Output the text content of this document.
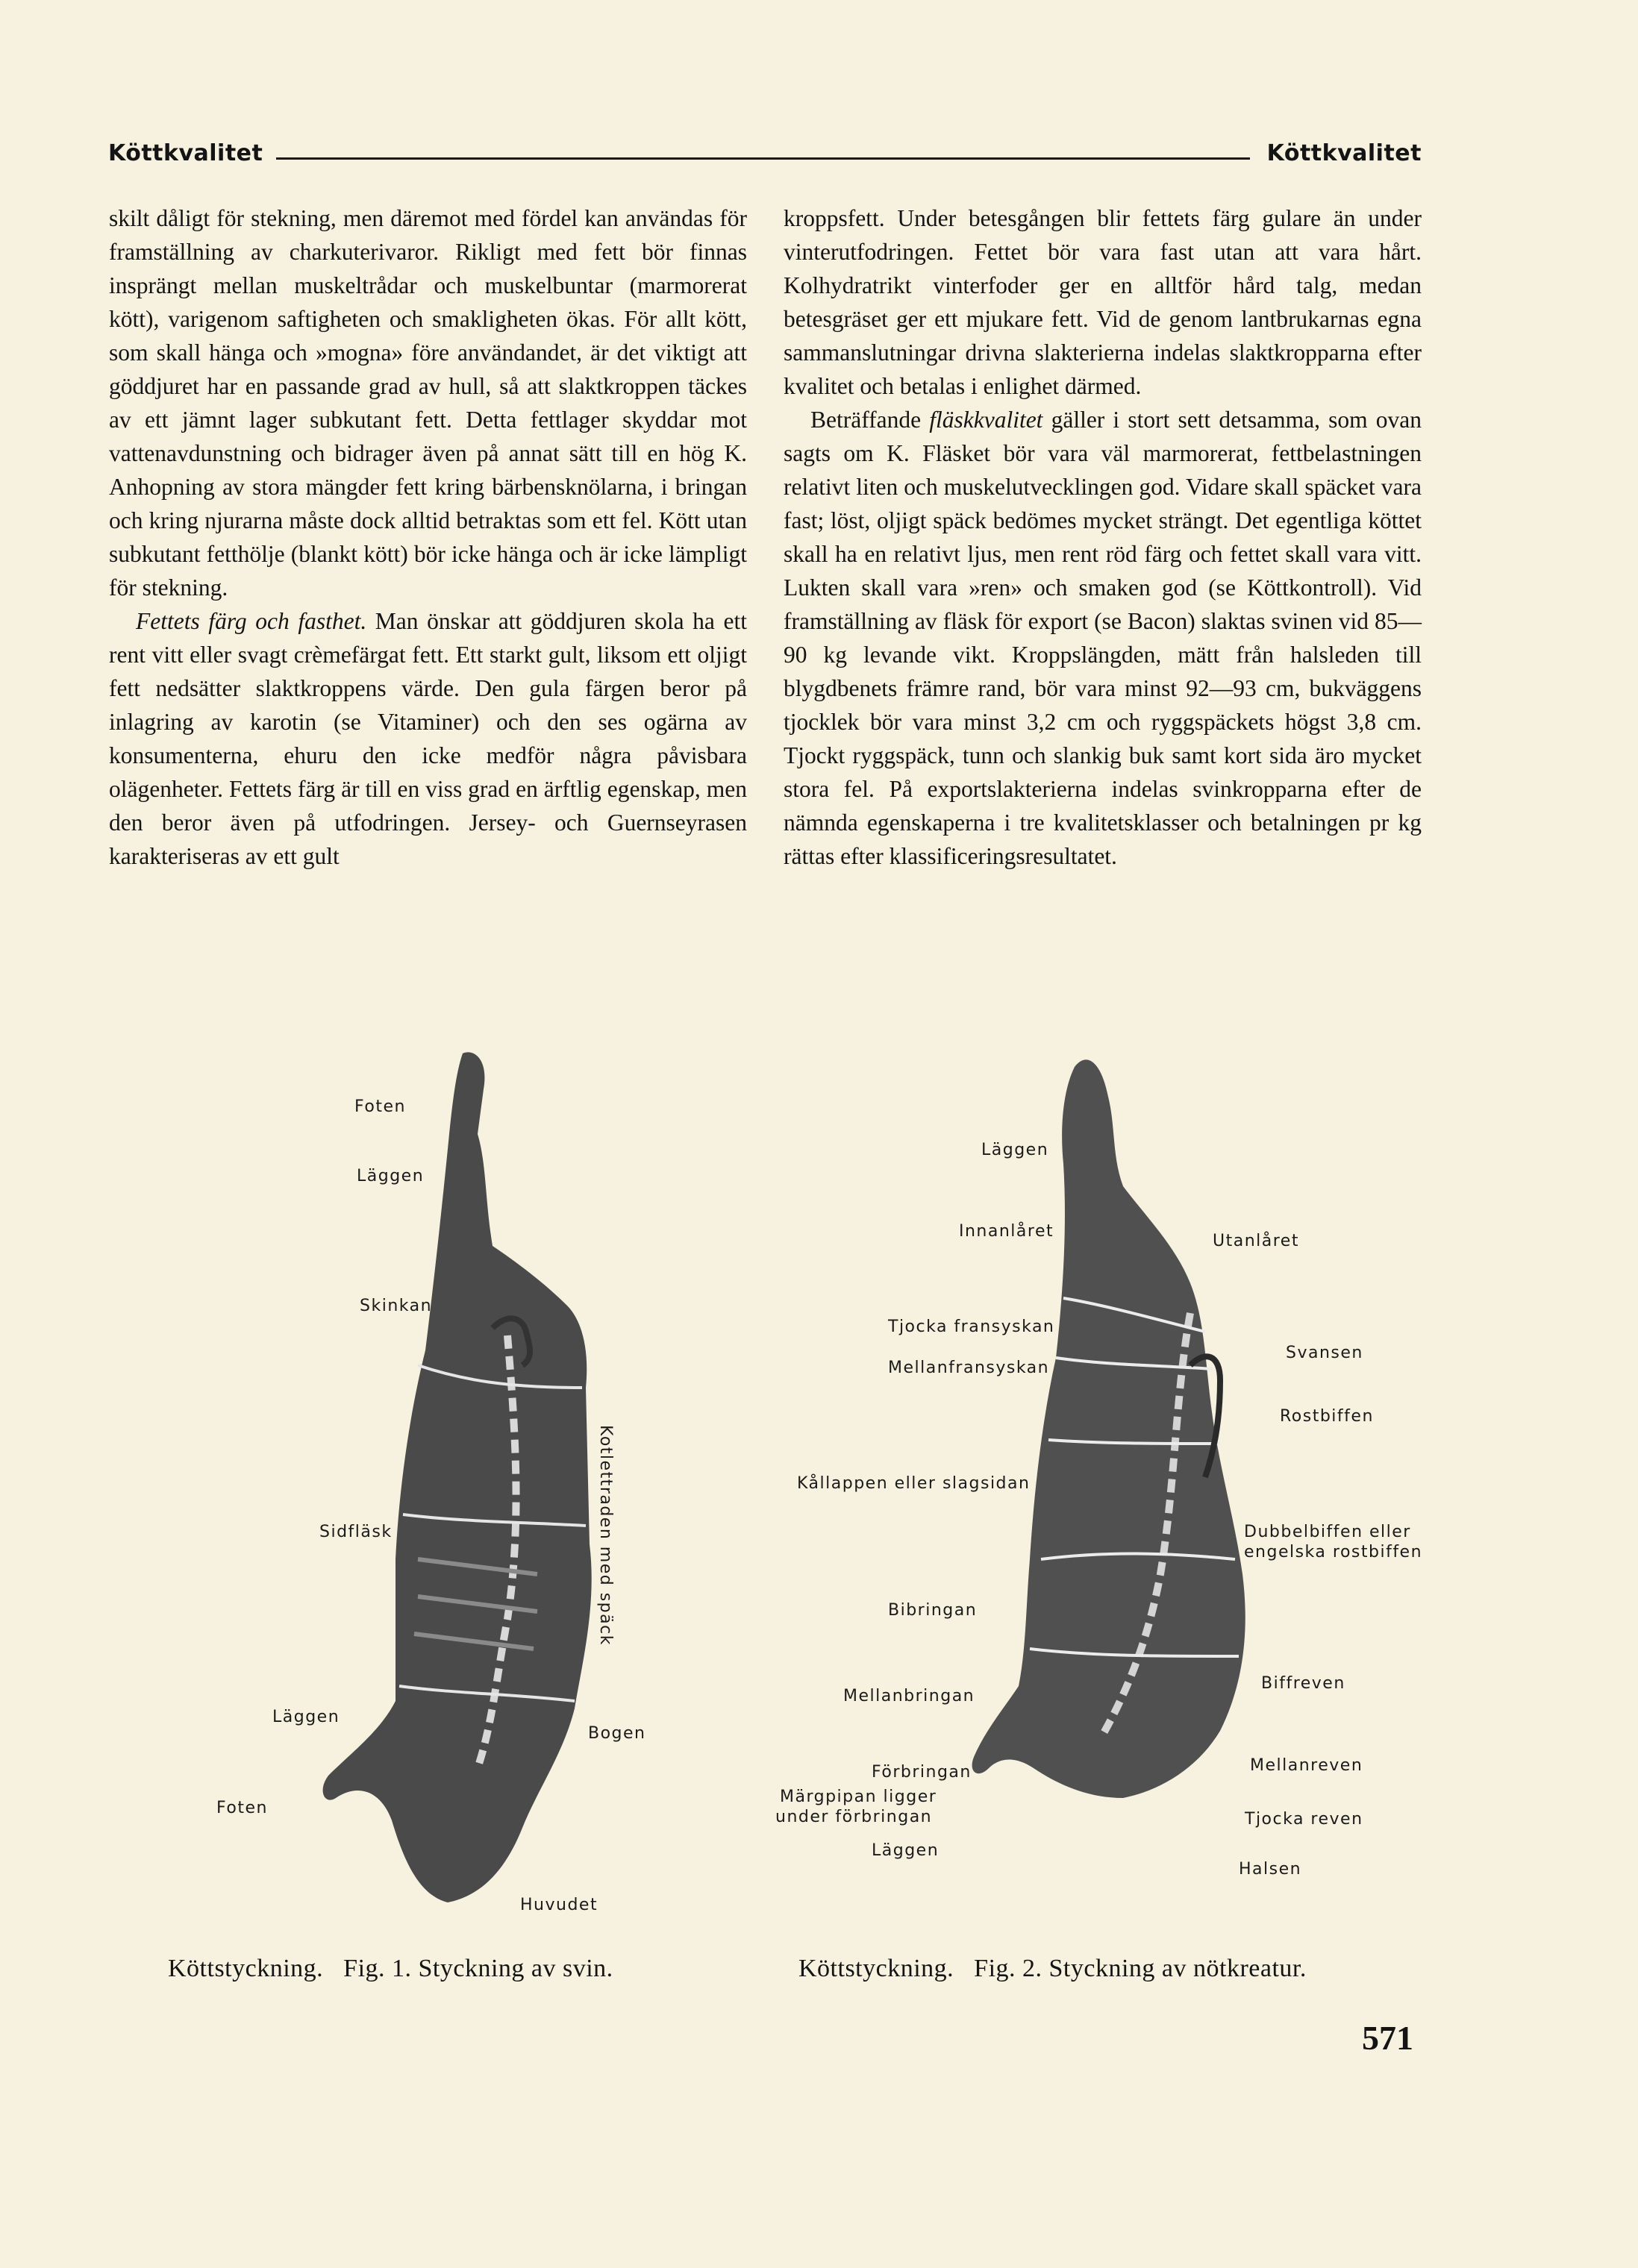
Köttkvalitet	Köttkvalitet

skilt dåligt för stekning, men däremot med fördel kan användas för framställning av charkuterivaror. Rikligt med fett bör finnas insprängt mellan muskeltrådar och muskelbuntar (marmorerat kött), varigenom saftigheten och smakligheten ökas. För allt kött, som skall hänga och »mogna» före användandet, är det viktigt att göddjuret har en passande grad av hull, så att slaktkroppen täckes av ett jämnt lager subkutant fett. Detta fettlager skyddar mot vattenavdunstning och bidrager även på annat sätt till en hög K. Anhopning av stora mängder fett kring bärbensknölarna, i bringan och kring njurarna måste dock alltid betraktas som ett fel. Kött utan subkutant fetthölje (blankt kött) bör icke hänga och är icke lämpligt för stekning.

Fettets färg och fasthet. Man önskar att göddjuren skola ha ett rent vitt eller svagt crèmefärgat fett. Ett starkt gult, liksom ett oljigt fett nedsätter slaktkroppens värde. Den gula färgen beror på inlagring av karotin (se Vitaminer) och den ses ogärna av konsumenterna, ehuru den icke medför några påvisbara olägenheter. Fettets färg är till en viss grad en ärftlig egenskap, men den beror även på utfodringen. Jersey- och Guernseyrasen karakteriseras av ett gult

kroppsfett. Under betesgången blir fettets färg gulare än under vinterutfodringen. Fettet bör vara fast utan att vara hårt. Kolhydratrikt vinterfoder ger en alltför hård talg, medan betesgräset ger ett mjukare fett. Vid de genom lantbrukarnas egna sammanslutningar drivna slakterierna indelas slaktkropparna efter kvalitet och betalas i enlighet därmed.

Beträffande fläskkvalitet gäller i stort sett detsamma, som ovan sagts om K. Fläsket bör vara väl marmorerat, fettbelastningen relativt liten och muskelutvecklingen god. Vidare skall späcket vara fast; löst, oljigt späck bedömes mycket strängt. Det egentliga köttet skall ha en relativt ljus, men rent röd färg och fettet skall vara vitt. Lukten skall vara »ren» och smaken god (se Köttkontroll). Vid framställning av fläsk för export (se Bacon) slaktas svinen vid 85—90 kg levande vikt. Kroppslängden, mätt från halsleden till blygdbenets främre rand, bör vara minst 92—93 cm, bukväggens tjocklek bör vara minst 3,2 cm och ryggspäckets högst 3,8 cm. Tjockt ryggspäck, tunn och slankig buk samt kort sida äro mycket stora fel. På exportslakterierna indelas svinkropparna efter de nämnda egenskaperna i tre kvalitetsklasser och betalningen pr kg rättas efter klassificeringsresultatet.

Foten
Läggen
Skinkan
Sidfläsk	Kotlettraden med späck
Läggen
Foten
Bogen
Huvudet
Läggen
Innanlåret
Utanlåret
Tjocka fransyskan
Mellanfransyskan
Svansen
Rostbiffen
Kållappen eller slagsidan
Dubbelbiffen eller
engelska rostbiffen
Bibringan
Biffreven
Mellanbringan
Förbringan	Mellanreven
Märgpipan ligger
under förbringan	Tjocka reven
Läggen
Halsen
Köttstyckning.   Fig. 1. Styckning av svin.	Köttstyckning.   Fig. 2. Styckning av nötkreatur.
571
